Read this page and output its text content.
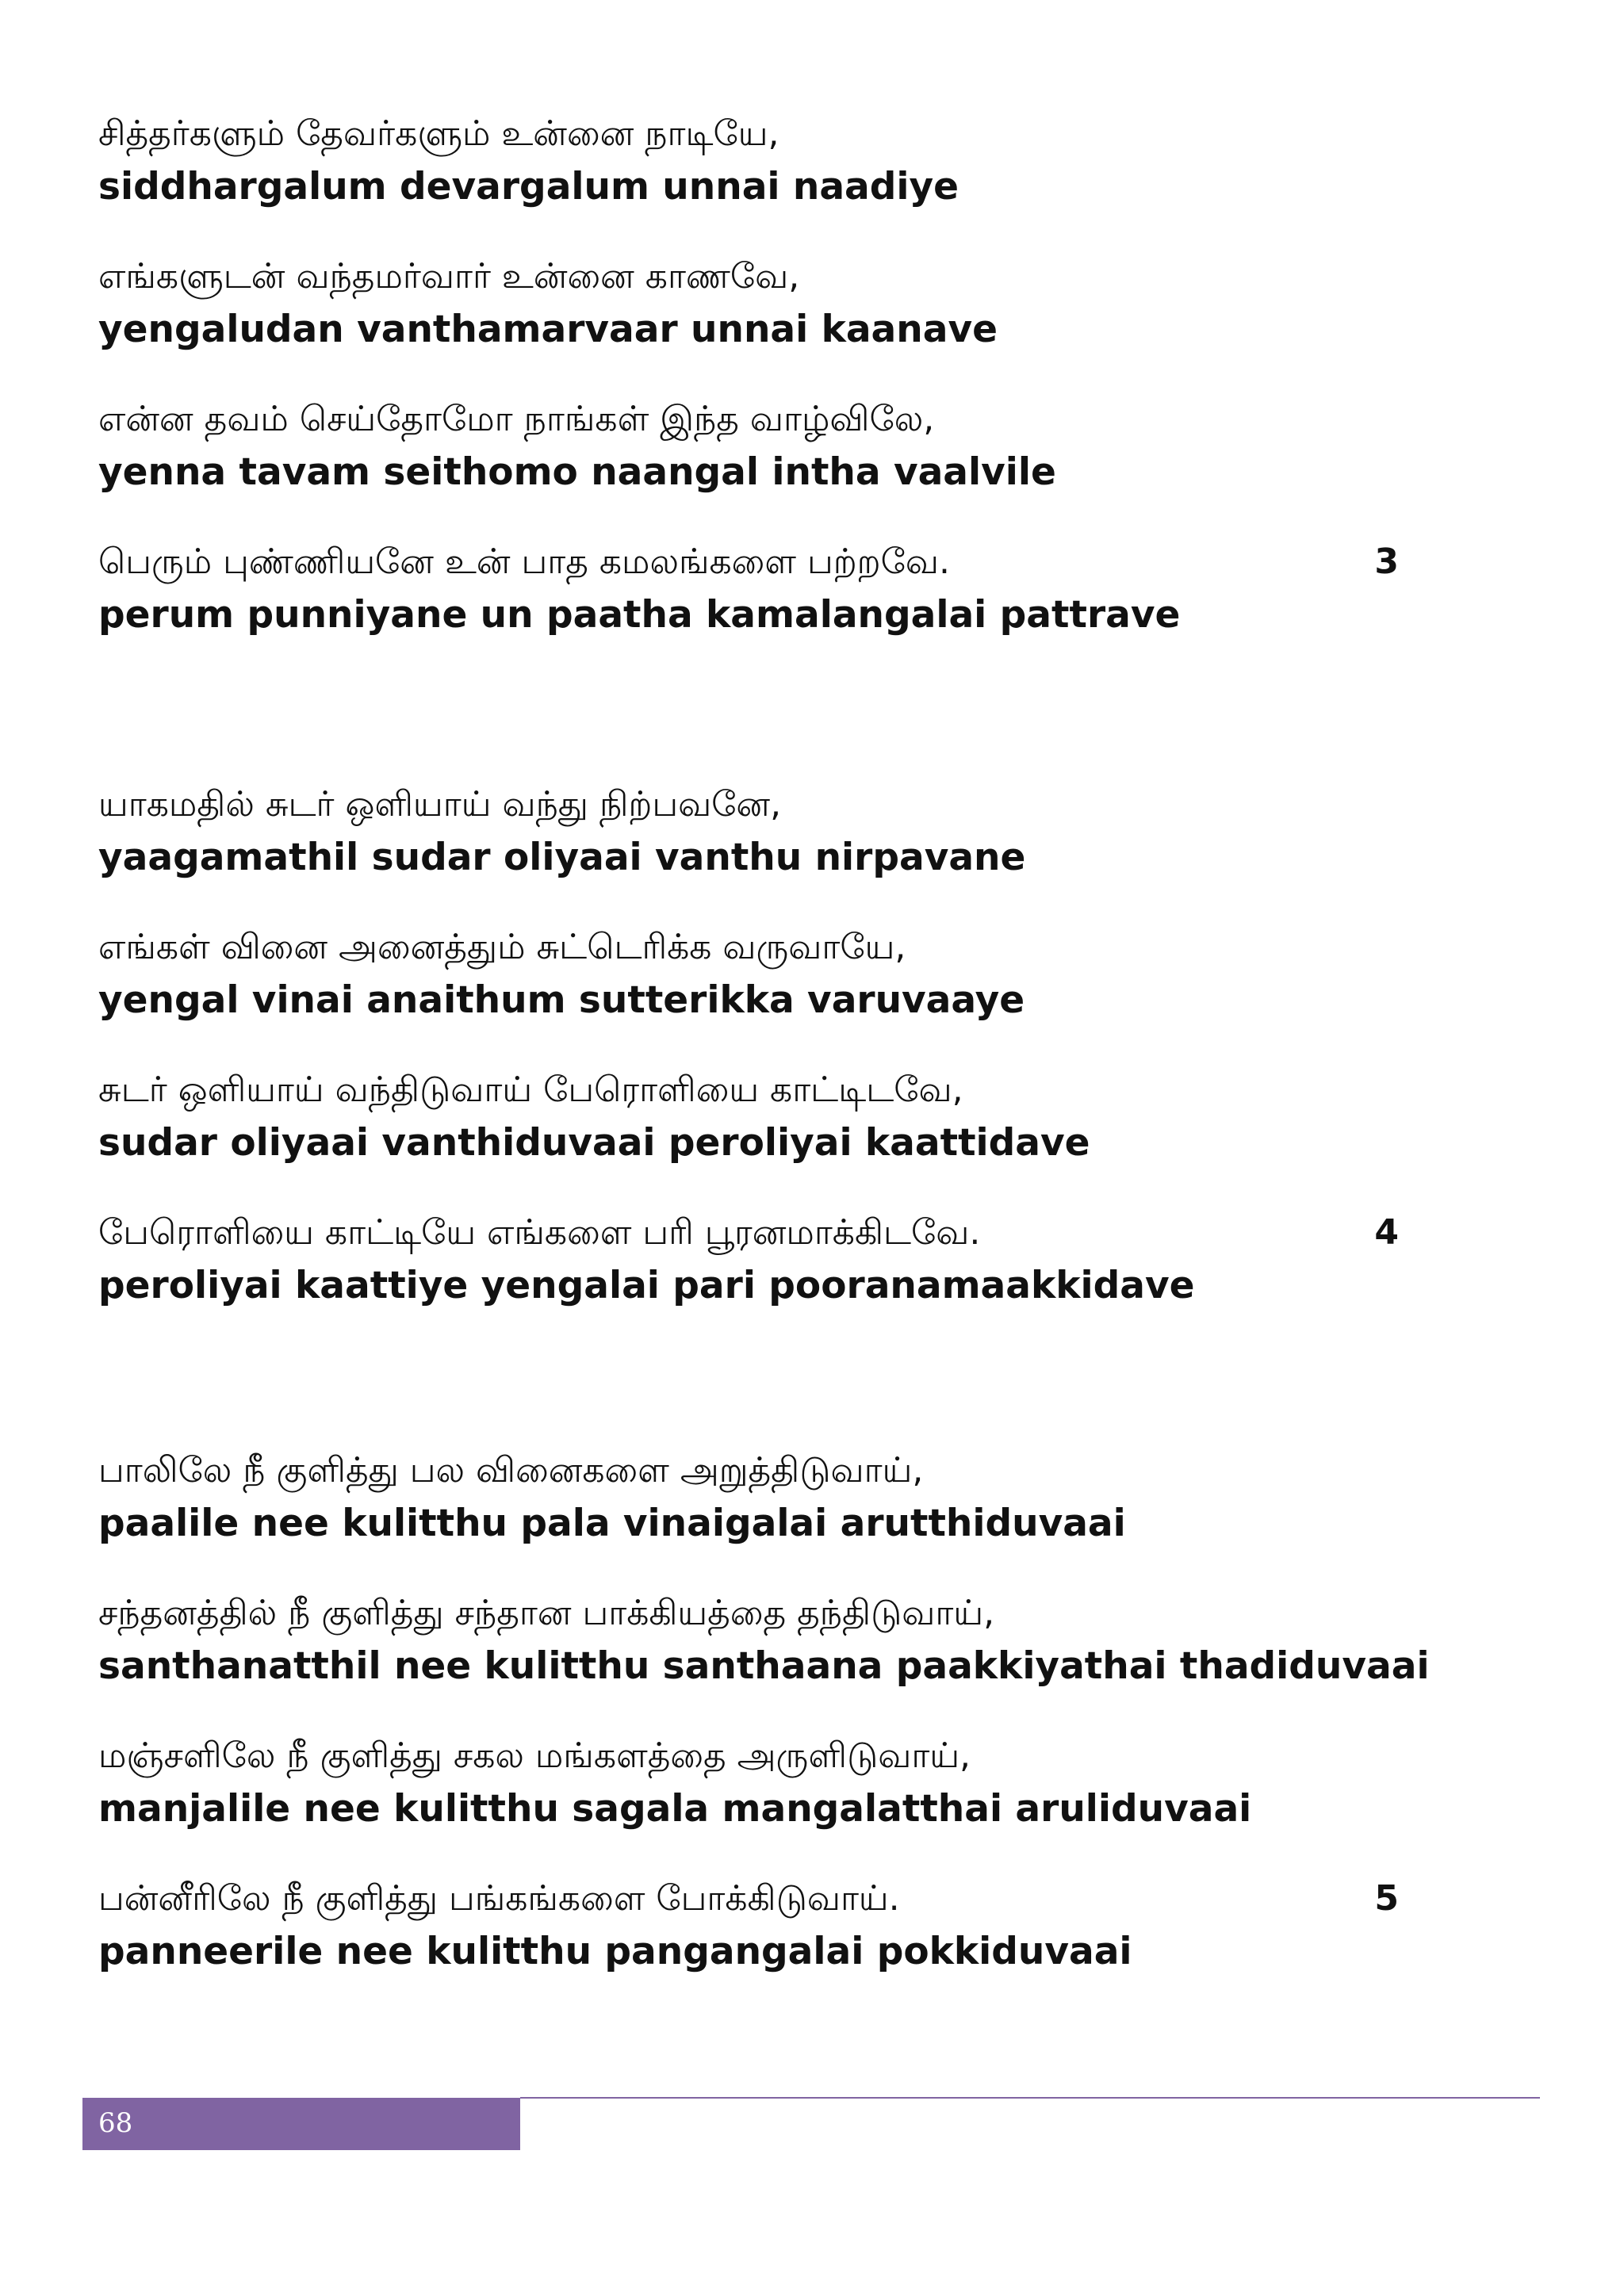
சித்தர்களும் தேவர்களும் உன்னை நாடியே,
siddhargalum devargalum unnai naadiye
எங்களுடன் வந்தமர்வார் உன்னை காணவே,
yengaludan vanthamarvaar unnai kaanave
என்ன தவம் செய்தோமோ நாங்கள் இந்த வாழ்விலே,
yenna tavam seithomo naangal intha vaalvile
பெரும் புண்ணியனே உன் பாத கமலங்களை பற்றவே.
perum punniyane un paatha kamalangalai pattrave
3
யாகமதில் சுடர் ஒளியாய் வந்து நிற்பவனே,
yaagamathil sudar oliyaai vanthu nirpavane
எங்கள் வினை அனைத்தும் சுட்டெரிக்க வருவாயே,
yengal vinai anaithum sutterikka varuvaaye
சுடர் ஒளியாய் வந்திடுவாய் பேரொளியை காட்டிடவே,
sudar oliyaai vanthiduvaai peroliyai kaattidave
பேரொளியை காட்டியே எங்களை பரி பூரனமாக்கிடவே.
peroliyai kaattiye yengalai pari pooranamaakkidave
4
பாலிலே நீ குளித்து பல வினைகளை அறுத்திடுவாய்,
paalile nee kulitthu pala vinaigalai arutthiduvaai
சந்தனத்தில் நீ குளித்து சந்தான பாக்கியத்தை தந்திடுவாய்,
santhanatthil nee kulitthu santhaana paakkiyathai thadiduvaai
மஞ்சளிலே நீ குளித்து சகல மங்களத்தை அருளிடுவாய்,
manjalile nee kulitthu sagala mangalatthai aruliduvaai
பன்னீரிலே நீ குளித்து பங்கங்களை போக்கிடுவாய்.
panneerile nee kulitthu pangangalai pokkiduvaai
5
68
